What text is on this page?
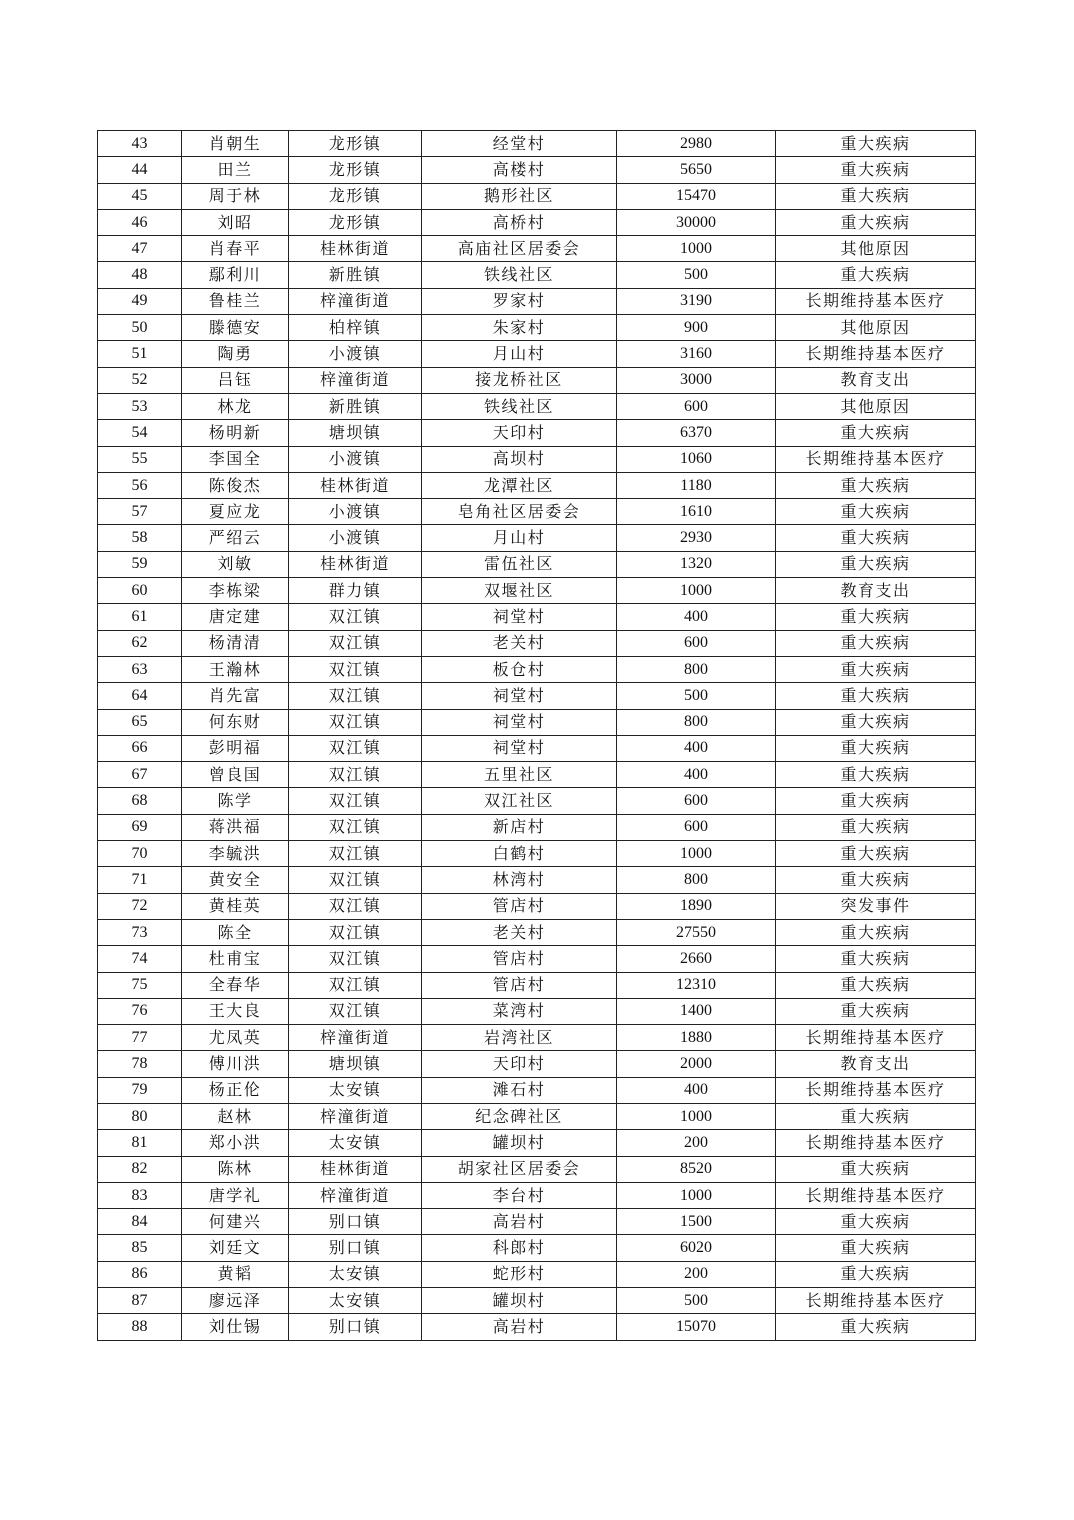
43	肖朝生	龙形镇	经堂村	2980	重大疾病
44	田兰	龙形镇	高楼村	5650	重大疾病
45	周于林	龙形镇	鹅形社区	15470	重大疾病
46	刘昭	龙形镇	高桥村	30000	重大疾病
47	肖春平	桂林街道	高庙社区居委会	1000	其他原因
48	鄢利川	新胜镇	铁线社区	500	重大疾病
49	鲁桂兰	梓潼街道	罗家村	3190	长期维持基本医疗
50	滕德安	柏梓镇	朱家村	900	其他原因
51	陶勇	小渡镇	月山村	3160	长期维持基本医疗
52	吕钰	梓潼街道	接龙桥社区	3000	教育支出
53	林龙	新胜镇	铁线社区	600	其他原因
54	杨明新	塘坝镇	天印村	6370	重大疾病
55	李国全	小渡镇	高坝村	1060	长期维持基本医疗
56	陈俊杰	桂林街道	龙潭社区	1180	重大疾病
57	夏应龙	小渡镇	皂角社区居委会	1610	重大疾病
58	严绍云	小渡镇	月山村	2930	重大疾病
59	刘敏	桂林街道	雷伍社区	1320	重大疾病
60	李栋梁	群力镇	双堰社区	1000	教育支出
61	唐定建	双江镇	祠堂村	400	重大疾病
62	杨清清	双江镇	老关村	600	重大疾病
63	王瀚林	双江镇	板仓村	800	重大疾病
64	肖先富	双江镇	祠堂村	500	重大疾病
65	何东财	双江镇	祠堂村	800	重大疾病
66	彭明福	双江镇	祠堂村	400	重大疾病
67	曾良国	双江镇	五里社区	400	重大疾病
68	陈学	双江镇	双江社区	600	重大疾病
69	蒋洪福	双江镇	新店村	600	重大疾病
70	李毓洪	双江镇	白鹤村	1000	重大疾病
71	黄安全	双江镇	林湾村	800	重大疾病
72	黄桂英	双江镇	管店村	1890	突发事件
73	陈全	双江镇	老关村	27550	重大疾病
74	杜甫宝	双江镇	管店村	2660	重大疾病
75	全春华	双江镇	管店村	12310	重大疾病
76	王大良	双江镇	菜湾村	1400	重大疾病
77	尤凤英	梓潼街道	岩湾社区	1880	长期维持基本医疗
78	傅川洪	塘坝镇	天印村	2000	教育支出
79	杨正伦	太安镇	滩石村	400	长期维持基本医疗
80	赵林	梓潼街道	纪念碑社区	1000	重大疾病
81	郑小洪	太安镇	罐坝村	200	长期维持基本医疗
82	陈林	桂林街道	胡家社区居委会	8520	重大疾病
83	唐学礼	梓潼街道	李台村	1000	长期维持基本医疗
84	何建兴	别口镇	高岩村	1500	重大疾病
85	刘廷文	别口镇	科郎村	6020	重大疾病
86	黄韬	太安镇	蛇形村	200	重大疾病
87	廖远泽	太安镇	罐坝村	500	长期维持基本医疗
88	刘仕锡	别口镇	高岩村	15070	重大疾病
